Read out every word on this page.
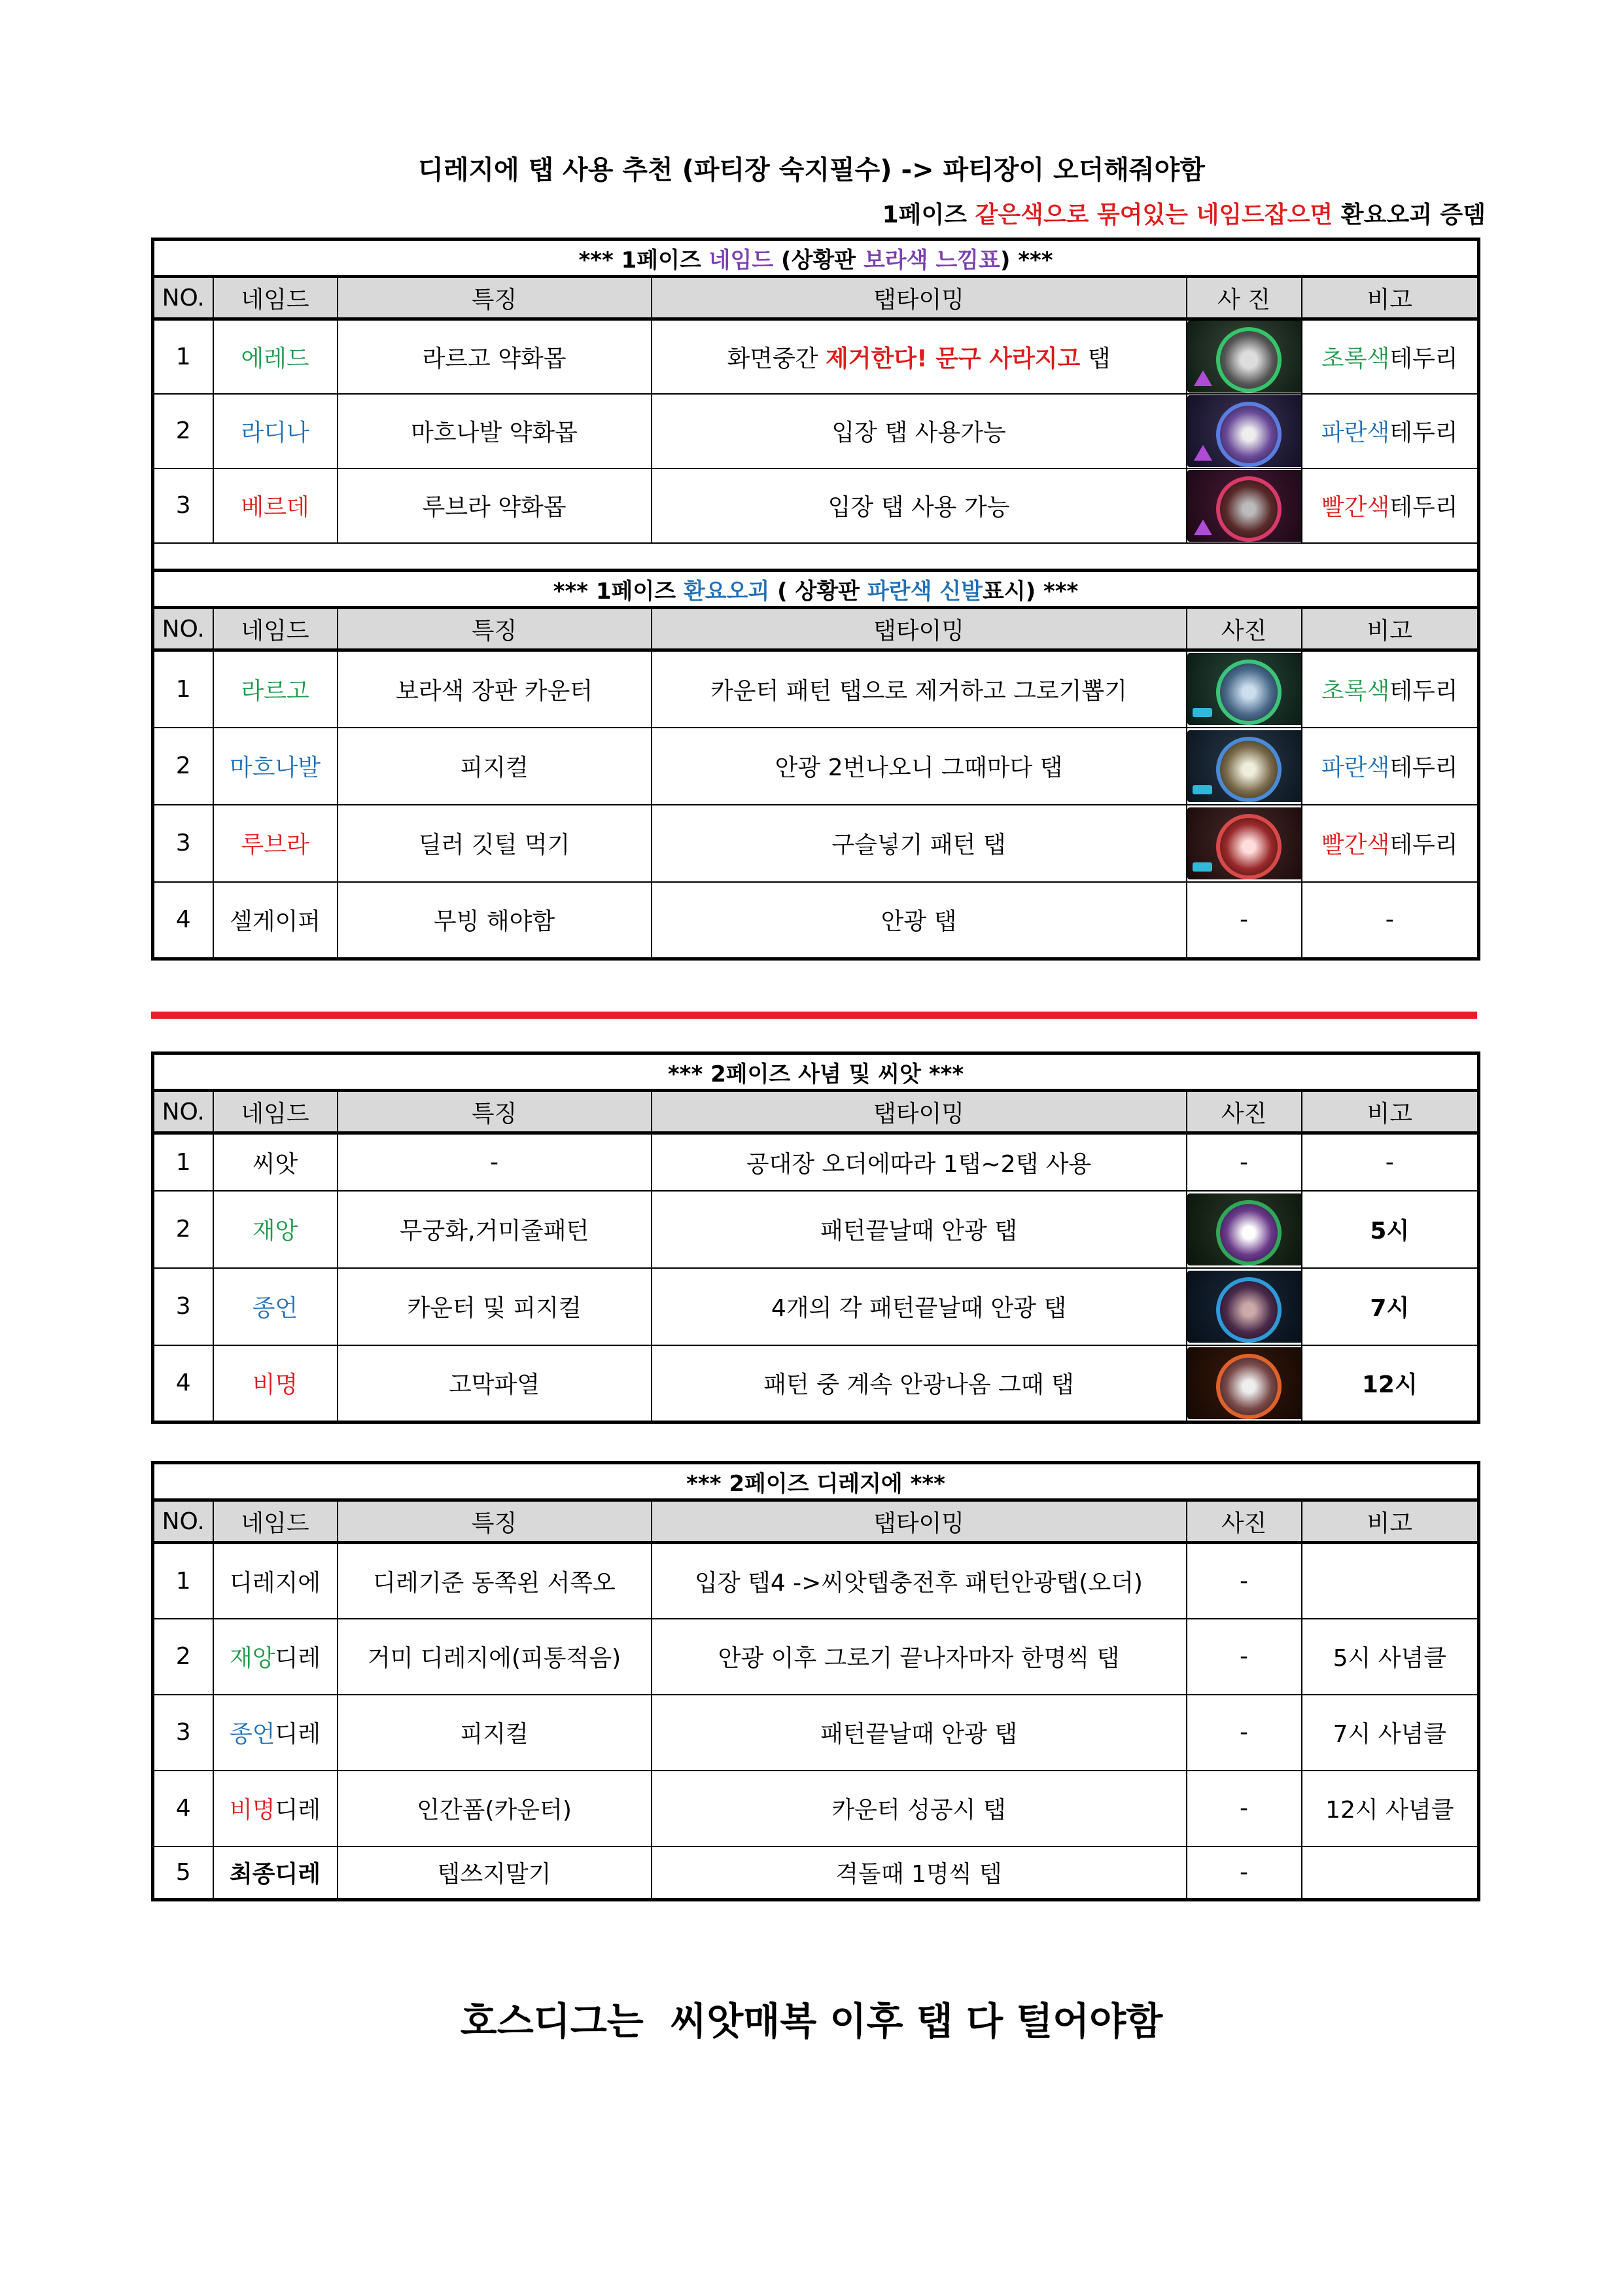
디레지에 탭 사용 추천 (파티장 숙지필수) -> 파티장이 오더해줘야함
1페이즈 같은색으로 묶여있는 네임드잡으면 환요오괴 증뎀
*** 1페이즈 네임드 (상황판 보라색 느낌표) ***					
NO.	네임드	특징	탭타이밍	사 진	비고
1	에레드	라르고 약화몹	화면중간 제거한다! 문구 사라지고 탭		초록색테두리
2	라디나	마흐나발 약화몹	입장 탭 사용가능		파란색테두리
3	베르데	루브라 약화몹	입장 탭 사용 가능		빨간색테두리

*** 1페이즈 환요오괴 ( 상황판 파란색 신발표시) ***					
NO.	네임드	특징	탭타이밍	사진	비고
1	라르고	보라색 장판 카운터	카운터 패턴 탭으로 제거하고 그로기뽑기		초록색테두리
2	마흐나발	피지컬	안광 2번나오니 그때마다 탭		파란색테두리
3	루브라	딜러 깃털 먹기	구슬넣기 패턴 탭		빨간색테두리
4	셀게이퍼	무빙 해야함	안광 탭	-	-
*** 2페이즈 사념 및 씨앗 ***					
NO.	네임드	특징	탭타이밍	사진	비고
1	씨앗	-	공대장 오더에따라 1탭~2탭 사용	-	-
2	재앙	무궁화,거미줄패턴	패턴끝날때 안광 탭		5시
3	종언	카운터 및 피지컬	4개의 각 패턴끝날때 안광 탭		7시
4	비명	고막파열	패턴 중 계속 안광나옴 그때 탭		12시
*** 2페이즈 디레지에 ***					
NO.	네임드	특징	탭타이밍	사진	비고
1	디레지에	디레기준 동쪽왼 서쪽오	입장 텝4 ->씨앗텝충전후 패턴안광탭(오더)	-	
2	재앙디레	거미 디레지에(피통적음)	안광 이후 그로기 끝나자마자 한명씩 탭	-	5시 사념클
3	종언디레	피지컬	패턴끝날때 안광 탭	-	7시 사념클
4	비명디레	인간폼(카운터)	카운터 성공시 탭	-	12시 사념클
5	최종디레	텝쓰지말기	격돌때 1명씩 텝	-	
호스디그는  씨앗매복 이후 탭 다 털어야함
